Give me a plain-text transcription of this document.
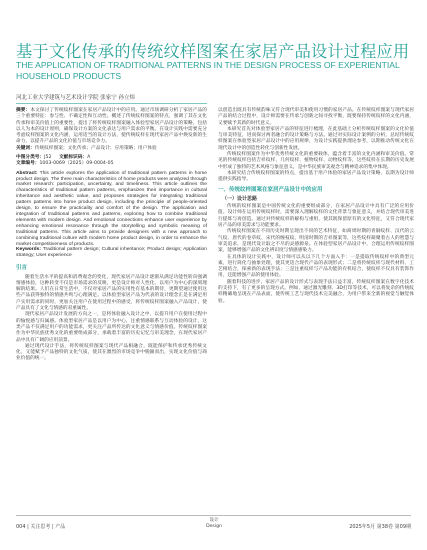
基于文化传承的传统纹样图案在家居产品设计过程应用
THE APPLICATION OF TRADITIONAL PATTERNS IN THE DESIGN PROCESS OF EXPERIENTIAL HOUSEHOLD PRODUCTS
河北工业大学建筑与艺术设计学院 张家宁 孙立炜

摘要：本文探讨了传统纹样图案在家居产品设计中的应用。通过市场调研分析了家居产品的三个重要特征：参与性、不确定性和互动性。概述了传统纹样图案的特点，强调了其在文化传承和审美价值上的重要性，提出了将传统纹样图案融入体验型家居产品设计的策略，包括以人为本的设计原则，确保设计方案的文化表达与用户需求的平衡。在设计实践中需要充分考虑纹样图案的文化内涵，运用适当的设计方法，使传统纹样在现代家居产品中焕发新的生命力，以提升产品的文化价值与市场竞争力。

关键词：传统纹样图案；文化传承；产品设计；应用策略；用户体验

中图分类号：J52 文献标识码：A
文章编号：1003-0069（2025）09-0004-05

Abstract: This article explores the application of traditional pattern patterns in home product design. The three main characteristics of home products were analyzed through market research: participation, uncertainty, and timeliness. This article outlines the characteristics of traditional pattern patterns, emphasizes their importance in cultural inheritance and aesthetic value, and proposes strategies for integrating traditional pattern patterns into home product design, including the principle of people-oriented design, to ensure the practicality and comfort of the design. The application and integration of traditional patterns and patterns, exploring how to combine traditional elements with modern design. And emotional connections enhance user experience by enhancing emotional resonance through the storytelling and symbolic meaning of traditional patterns. This article aims to provide designers with a new approach to combining traditional culture with modern home product design, in order to enhance the market competitiveness of products.

Keywords: Traditional pattern design; Cultural inheritance; Product design; Application strategy; User experience

引言

随着生活水平的提高和消费观念的变化，现代家居产品设计逐渐从满足功能性转向强调情感体验，这种转变不仅是市场需求的反映，更是设计师对人性化、以用户为中心的深刻理解的结果。人们在日常生活中，不仅对家居产品的实用性有基本的期待，更期望通过使用这些产品获得独特的情感共鸣与心理满足。以体验型家居产品为代表的设计理念正是在满足用户实用需求的同时，更加关注用户在使用过程中的感受，将传统纹样图案融入产品设计，使产品具有了文化与情感的双重属性。

现代家居产品设计发展的方向之一，是将体验融入设计之中，以提升用户在使用过程中的愉悦感与归属感。体验型家居产品是以用户为中心，注重情感联系与互动体验的设计，这类产品不仅满足用户的功能需求，更关注产品所传达的文化意义与情感价值。传统纹样图案作为中华民族优秀文化的重要组成部分，承载着丰富的历史记忆与审美理念，在现代家居产品中具有广阔的应用前景。

通过现代设计手法，将传统纹样图案与现代产品相融合，既能保护和传承优秀传统文化，又能赋予产品独特的文化气质，使其在激烈的市场竞争中脱颖而出，实现文化价值与商业价值的统一。

以创造出既具有传统韵味又符合现代审美和使用习惯的家居产品。在传统纹样图案与现代家居产品的结合过程中，设计师需要在传承与创新之间寻找平衡，既要保持传统纹样的文化内涵，又要赋予其新的时代意义。

本研究首先对体验型家居产品的特征进行梳理，在此基础上分析传统纹样图案的文化价值与审美特征，进而探讨两者融合的设计策略与方法。通过对实际设计案例的分析，总结传统纹样图案在体验型家居产品设计中的应用规律，为设计实践提供理论参考，以期推动传统文化在现代设计中的创造性转化与创新性发展。

传统纹样图案作为中华优秀传统文化的重要载体，蕴含着丰富的文化内涵和审美价值。常见的传统纹样包括吉祥纹样、几何纹样、植物纹样、动物纹样等，这些纹样在长期的历史发展中形成了独特的艺术风格与象征意义，是中华民族审美观念与精神追求的集中体现。

本研究结合传统纹样图案的特点，提出基于用户体验的家居产品设计策略，以期为设计师提供实践指导。

一、传统纹样图案在家居产品设计中的应用
（一）设计思路

传统的纹样图案是中国传统文化的重要组成部分，在家居产品设计中具有广泛的应用价值。设计师在运用传统纹样时，需要深入理解纹样的文化背景与象征意义，并结合现代审美进行提炼与再创造。通过对传统纹样的解构与重组，使其既保留原有的文化特征，又符合现代家居产品的审美需求与功能要求。

传统纹样图案在不同历史时期呈现出不同的艺术特征，如商周时期的青铜纹样、汉代的云气纹、唐代的卷草纹、宋代的缠枝纹、明清时期的吉祥图案等，这些纹样凝聚着古人的智慧与审美追求，是现代设计取之不尽的灵感源泉。在体验型家居产品设计中，合理运用传统纹样图案，能够增强产品的文化辨识度与情感感染力。

在具体的设计实践中，设计师可以从以下几个方面入手：一是提取传统纹样中的典型元素，进行简化与抽象处理，使其更适合现代产品的表现形式；二是将传统纹样与现代材料、工艺相结合，探索新的表现手法；三是注重纹样与产品功能的有机结合，使纹样不仅具有装饰作用，还能增强产品的使用体验。

随着科技的进步，家居产品的设计形式与表现手法日益丰富，传统纹样图案在数字化技术的支持下，有了更多的呈现方式。例如，通过激光雕刻、3D打印等技术，可以将复杂的传统纹样精确地呈现在产品表面，使传统工艺与现代技术完美融合，为用户带来全新的视觉与触觉体验。

004 | 关注思考 | 产品
设计
Design	2025年5月 第38卷 第09期
